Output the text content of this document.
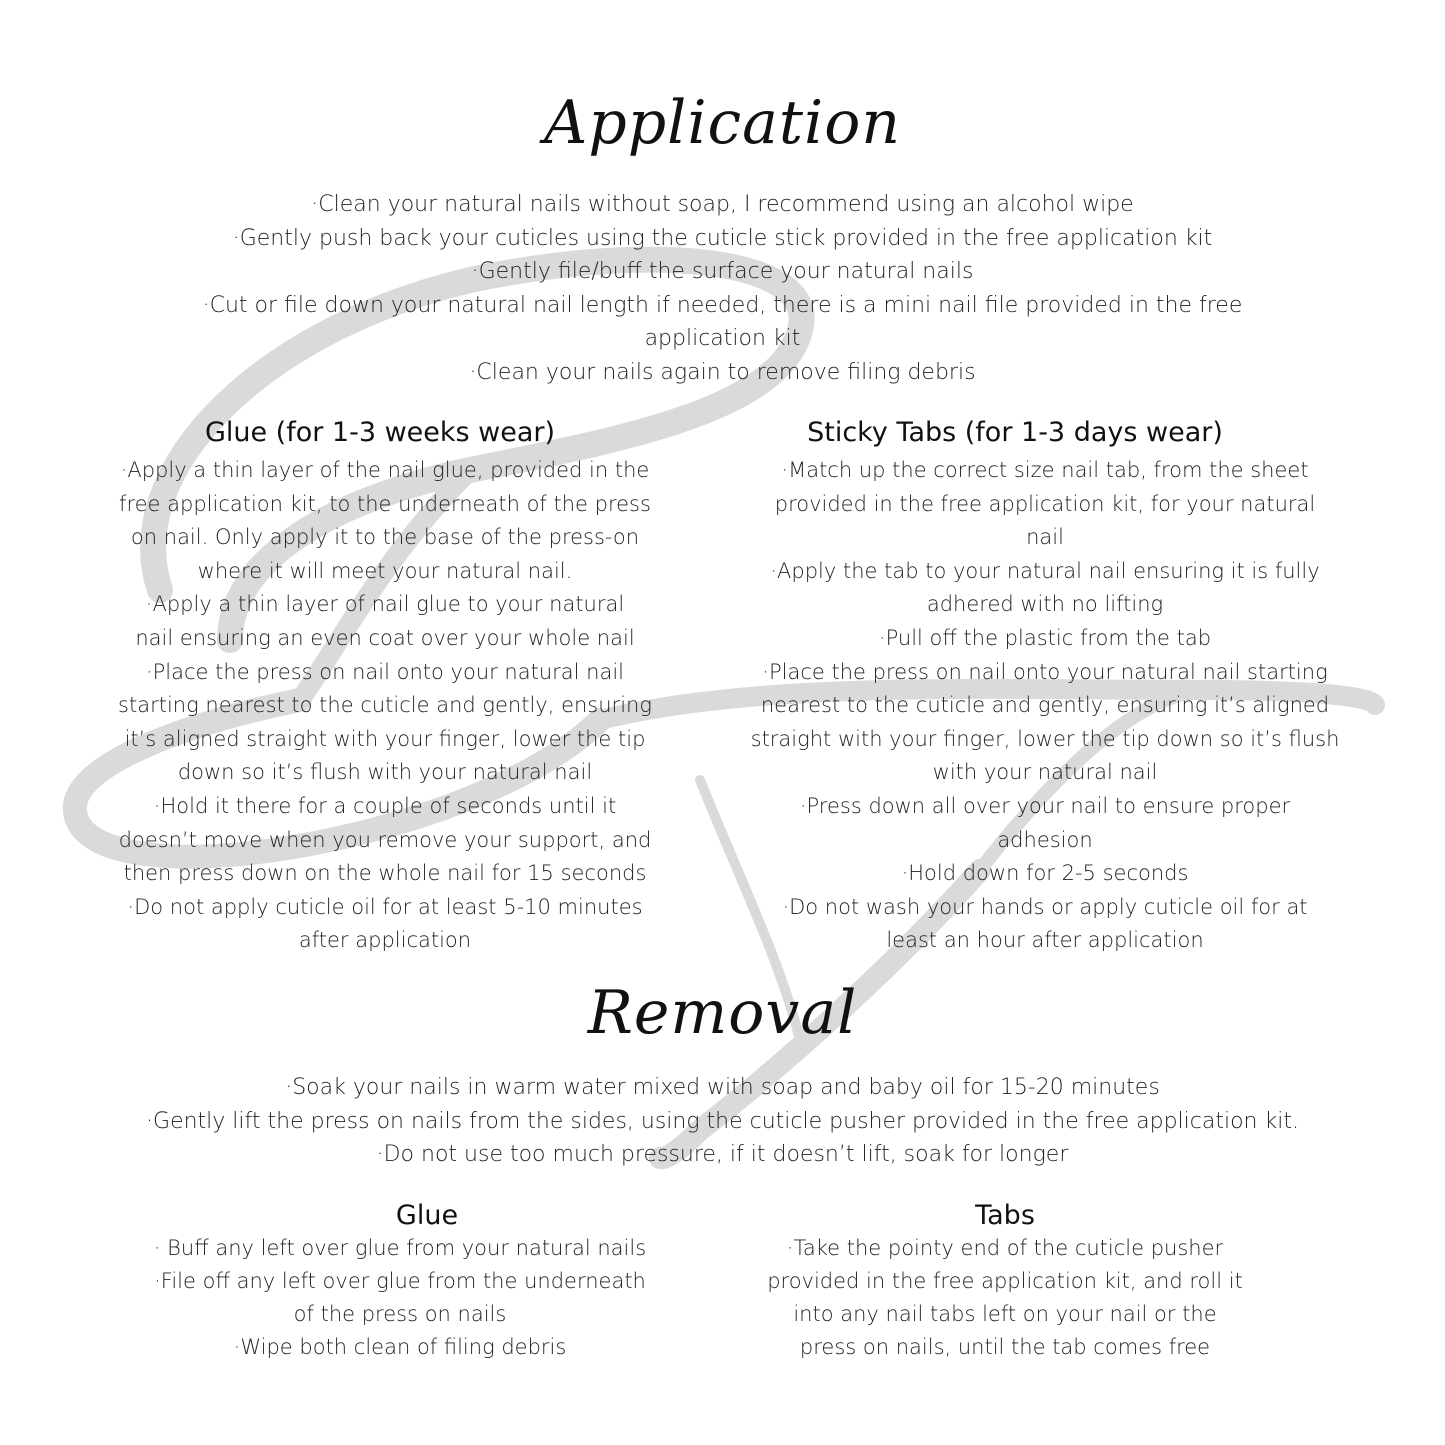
Application
·Clean your natural nails without soap, I recommend using an alcohol wipe
·Gently push back your cuticles using the cuticle stick provided in the free application kit
·Gently file/buff the surface your natural nails
·Cut or file down your natural nail length if needed, there is a mini nail file provided in the free
application kit
·Clean your nails again to remove filing debris
Glue (for 1-3 weeks wear)
·Apply a thin layer of the nail glue, provided in the
free application kit, to the underneath of the press
on nail. Only apply it to the base of the press-on
where it will meet your natural nail.
·Apply a thin layer of nail glue to your natural
nail ensuring an even coat over your whole nail
·Place the press on nail onto your natural nail
starting nearest to the cuticle and gently, ensuring
it’s aligned straight with your finger, lower the tip
down so it’s flush with your natural nail
·Hold it there for a couple of seconds until it
doesn’t move when you remove your support, and
then press down on the whole nail for 15 seconds
·Do not apply cuticle oil for at least 5-10 minutes
after application
Sticky Tabs (for 1-3 days wear)
·Match up the correct size nail tab, from the sheet
provided in the free application kit, for your natural
nail
·Apply the tab to your natural nail ensuring it is fully
adhered with no lifting
·Pull off the plastic from the tab
·Place the press on nail onto your natural nail starting
nearest to the cuticle and gently, ensuring it’s aligned
straight with your finger, lower the tip down so it’s flush
with your natural nail
·Press down all over your nail to ensure proper
adhesion
·Hold down for 2-5 seconds
·Do not wash your hands or apply cuticle oil for at
least an hour after application
Removal
·Soak your nails in warm water mixed with soap and baby oil for 15-20 minutes
·Gently lift the press on nails from the sides, using the cuticle pusher provided in the free application kit.
·Do not use too much pressure, if it doesn’t lift, soak for longer
Glue
· Buff any left over glue from your natural nails
·File off any left over glue from the underneath
of the press on nails
·Wipe both clean of filing debris
Tabs
·Take the pointy end of the cuticle pusher
provided in the free application kit, and roll it
into any nail tabs left on your nail or the
press on nails, until the tab comes free
